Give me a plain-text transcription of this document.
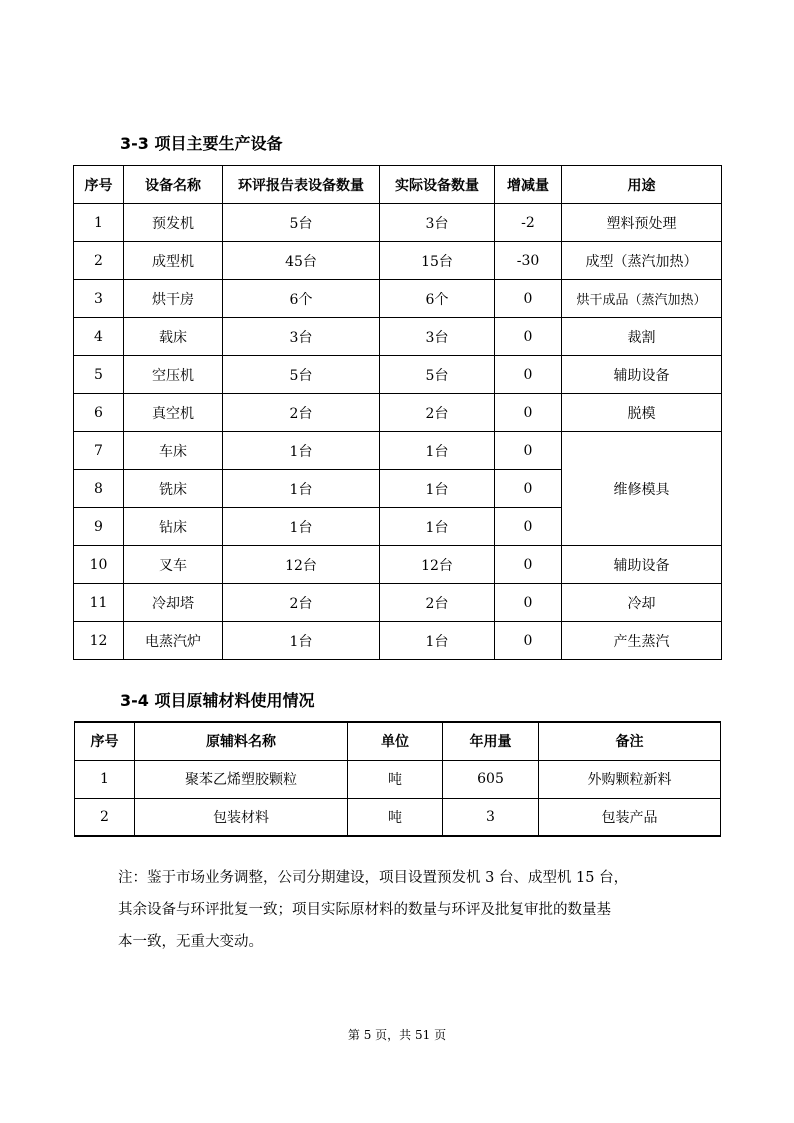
3-3 项目主要生产设备
序号	设备名称	环评报告表设备数量	实际设备数量	增减量	用途
1	预发机	5台	3台	-2	塑料预处理
2	成型机	45台	15台	-30	成型（蒸汽加热）
3	烘干房	6个	6个	0	烘干成品（蒸汽加热）
4	载床	3台	3台	0	裁割
5	空压机	5台	5台	0	辅助设备
6	真空机	2台	2台	0	脱模
7	车床	1台	1台	0	维修模具
8	铣床	1台	1台	0	
9	钻床	1台	1台	0	
10	叉车	12台	12台	0	辅助设备
11	冷却塔	2台	2台	0	冷却
12	电蒸汽炉	1台	1台	0	产生蒸汽
3-4 项目原辅材料使用情况
序号	原辅料名称	单位	年用量	备注
1	聚苯乙烯塑胶颗粒	吨	605	外购颗粒新料
2	包装材料	吨	3	包装产品

注：鉴于市场业务调整，公司分期建设，项目设置预发机 3 台、成型机 15 台，

其余设备与环评批复一致；项目实际原材料的数量与环评及批复审批的数量基

本一致，无重大变动。

第 5 页，共 51 页
